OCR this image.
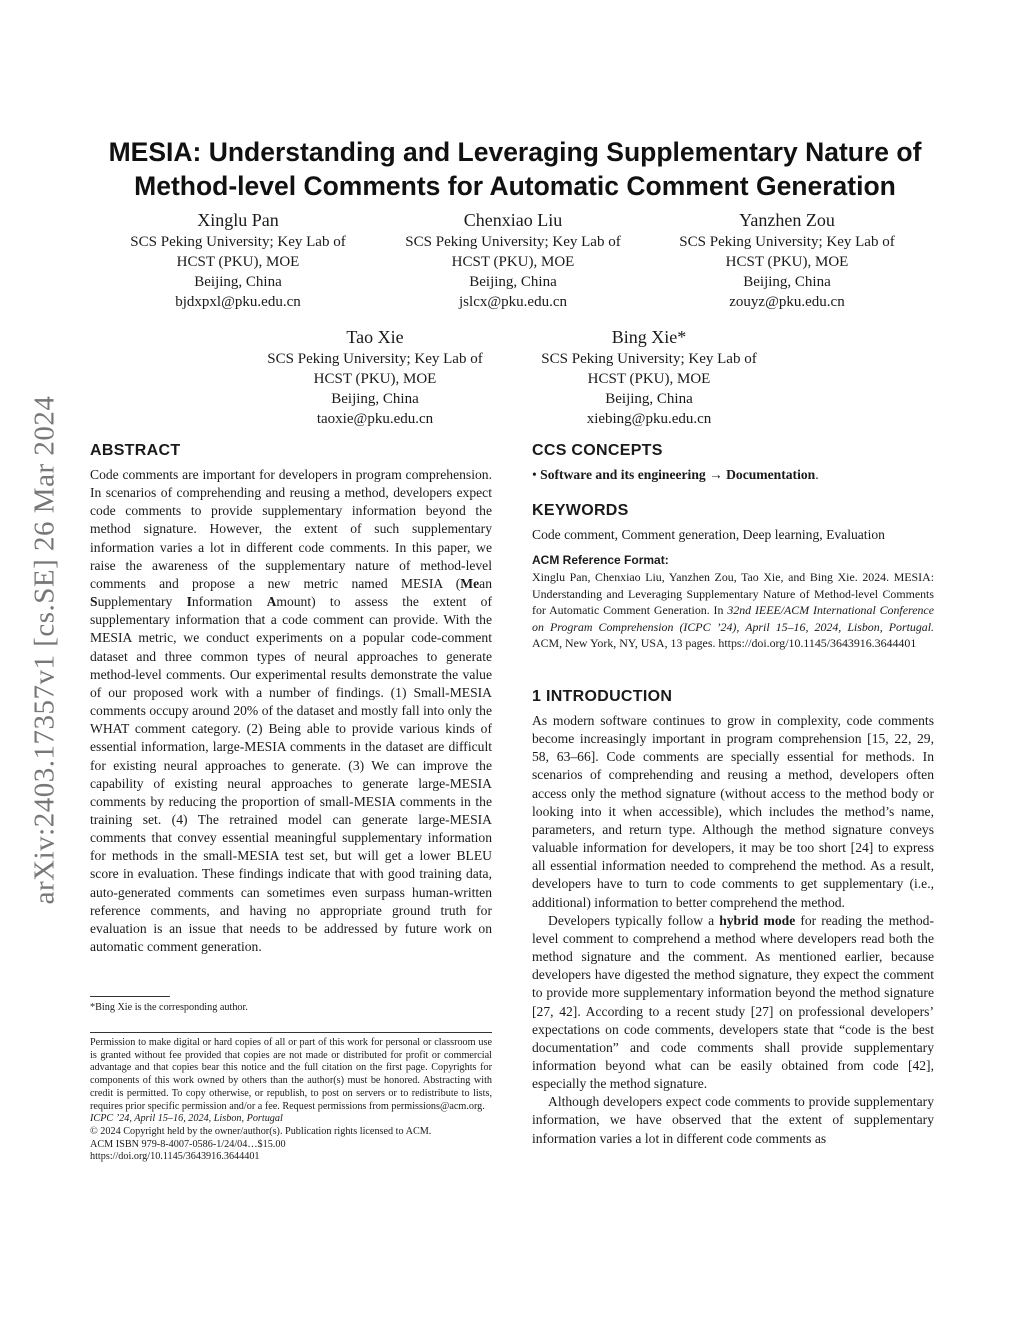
arXiv:2403.17357v1 [cs.SE] 26 Mar 2024
MESIA: Understanding and Leveraging Supplementary Nature of
Method-level Comments for Automatic Comment Generation
Xinglu Pan
SCS Peking University; Key Lab of
HCST (PKU), MOE
Beijing, China
bjdxpxl@pku.edu.cn
Chenxiao Liu
SCS Peking University; Key Lab of
HCST (PKU), MOE
Beijing, China
jslcx@pku.edu.cn
Yanzhen Zou
SCS Peking University; Key Lab of
HCST (PKU), MOE
Beijing, China
zouyz@pku.edu.cn
Tao Xie
SCS Peking University; Key Lab of
HCST (PKU), MOE
Beijing, China
taoxie@pku.edu.cn
Bing Xie*
SCS Peking University; Key Lab of
HCST (PKU), MOE
Beijing, China
xiebing@pku.edu.cn
ABSTRACT
Code comments are important for developers in program comprehension. In scenarios of comprehending and reusing a method, developers expect code comments to provide supplementary information beyond the method signature. However, the extent of such supplementary information varies a lot in different code comments. In this paper, we raise the awareness of the supplementary nature of method-level comments and propose a new metric named MESIA (Mean Supplementary Information Amount) to assess the extent of supplementary information that a code comment can provide. With the MESIA metric, we conduct experiments on a popular code-comment dataset and three common types of neural approaches to generate method-level comments. Our experimental results demonstrate the value of our proposed work with a number of findings. (1) Small-MESIA comments occupy around 20% of the dataset and mostly fall into only the WHAT comment category. (2) Being able to provide various kinds of essential information, large-MESIA comments in the dataset are difficult for existing neural approaches to generate. (3) We can improve the capability of existing neural approaches to generate large-MESIA comments by reducing the proportion of small-MESIA comments in the training set. (4) The retrained model can generate large-MESIA comments that convey essential meaningful supplementary information for methods in the small-MESIA test set, but will get a lower BLEU score in evaluation. These findings indicate that with good training data, auto-generated comments can sometimes even surpass human-written reference comments, and having no appropriate ground truth for evaluation is an issue that needs to be addressed by future work on automatic comment generation.
*Bing Xie is the corresponding author.
Permission to make digital or hard copies of all or part of this work for personal or classroom use is granted without fee provided that copies are not made or distributed for profit or commercial advantage and that copies bear this notice and the full citation on the first page. Copyrights for components of this work owned by others than the author(s) must be honored. Abstracting with credit is permitted. To copy otherwise, or republish, to post on servers or to redistribute to lists, requires prior specific permission and/or a fee. Request permissions from permissions@acm.org.
ICPC ’24, April 15–16, 2024, Lisbon, Portugal
© 2024 Copyright held by the owner/author(s). Publication rights licensed to ACM.
ACM ISBN 979-8-4007-0586-1/24/04…$15.00
https://doi.org/10.1145/3643916.3644401
CCS CONCEPTS
• Software and its engineering → Documentation.
KEYWORDS
Code comment, Comment generation, Deep learning, Evaluation
ACM Reference Format:
Xinglu Pan, Chenxiao Liu, Yanzhen Zou, Tao Xie, and Bing Xie. 2024. MESIA: Understanding and Leveraging Supplementary Nature of Method-level Comments for Automatic Comment Generation. In 32nd IEEE/ACM International Conference on Program Comprehension (ICPC ’24), April 15–16, 2024, Lisbon, Portugal. ACM, New York, NY, USA, 13 pages. https://doi.org/10.1145/3643916.3644401
1 INTRODUCTION
As modern software continues to grow in complexity, code comments become increasingly important in program comprehension [15, 22, 29, 58, 63–66]. Code comments are specially essential for methods. In scenarios of comprehending and reusing a method, developers often access only the method signature (without access to the method body or looking into it when accessible), which includes the method’s name, parameters, and return type. Although the method signature conveys valuable information for developers, it may be too short [24] to express all essential information needed to comprehend the method. As a result, developers have to turn to code comments to get supplementary (i.e., additional) information to better comprehend the method.
Developers typically follow a hybrid mode for reading the method-level comment to comprehend a method where developers read both the method signature and the comment. As mentioned earlier, because developers have digested the method signature, they expect the comment to provide more supplementary information beyond the method signature [27, 42]. According to a recent study [27] on professional developers’ expectations on code comments, developers state that “code is the best documentation” and code comments shall provide supplementary information beyond what can be easily obtained from code [42], especially the method signature.
Although developers expect code comments to provide supplementary information, we have observed that the extent of supplementary information varies a lot in different code comments as
